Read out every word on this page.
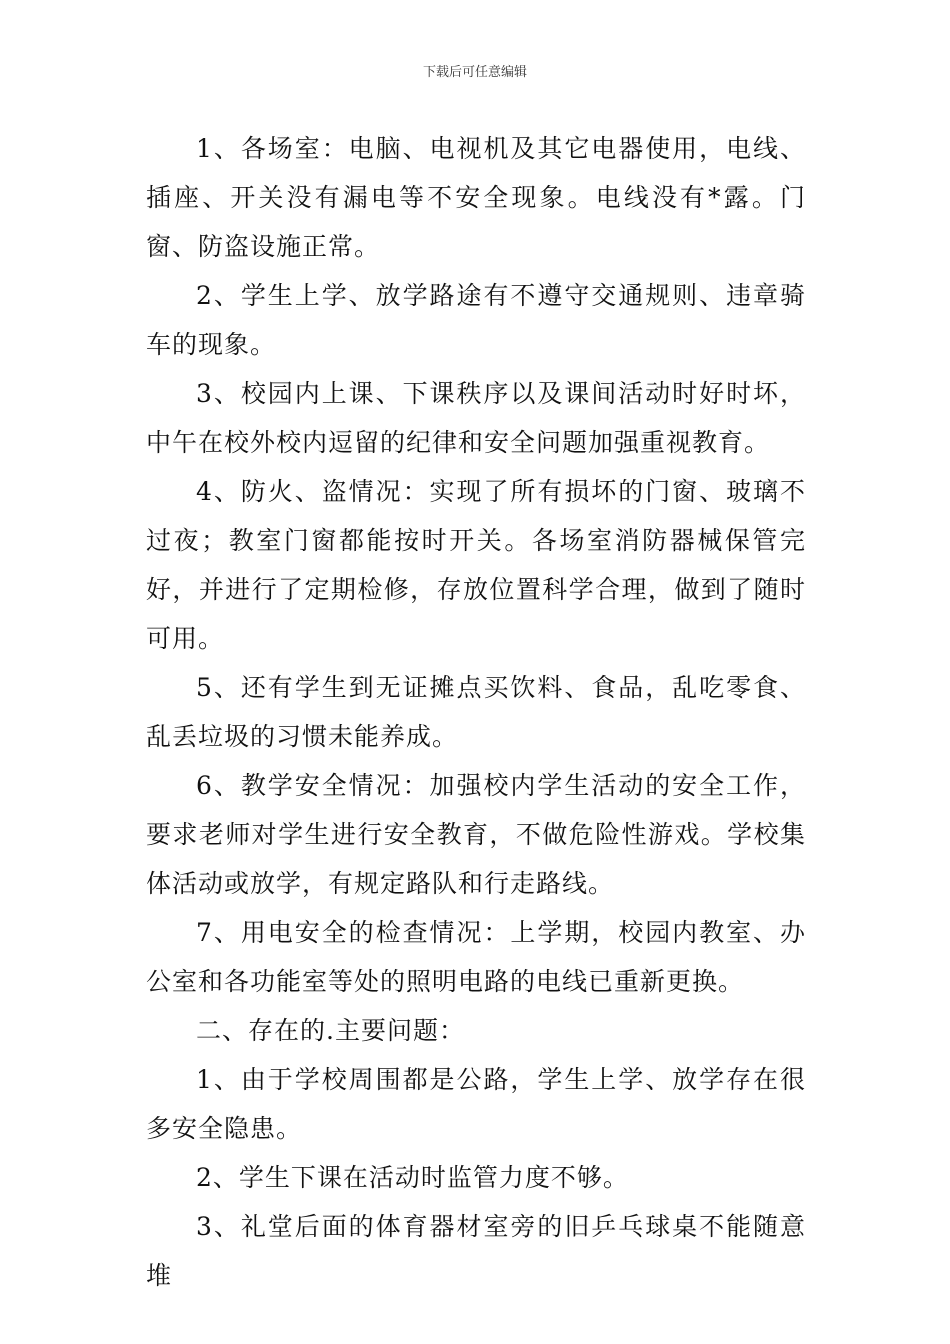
下载后可任意编辑

1、各场室：电脑、电视机及其它电器使用，电线、插座、开关没有漏电等不安全现象。电线没有*露。门窗、防盗设施正常。

2、学生上学、放学路途有不遵守交通规则、违章骑车的现象。

3、校园内上课、下课秩序以及课间活动时好时坏，中午在校外校内逗留的纪律和安全问题加强重视教育。

4、防火、盗情况：实现了所有损坏的门窗、玻璃不过夜；教室门窗都能按时开关。各场室消防器械保管完好，并进行了定期检修，存放位置科学合理，做到了随时可用。

5、还有学生到无证摊点买饮料、食品，乱吃零食、乱丢垃圾的习惯未能养成。

6、教学安全情况：加强校内学生活动的安全工作，要求老师对学生进行安全教育，不做危险性游戏。学校集体活动或放学，有规定路队和行走路线。

7、用电安全的检查情况：上学期，校园内教室、办公室和各功能室等处的照明电路的电线已重新更换。

二、存在的.主要问题：

1、由于学校周围都是公路，学生上学、放学存在很多安全隐患。

2、学生下课在活动时监管力度不够。

3、礼堂后面的体育器材室旁的旧乒乓球桌不能随意堆
